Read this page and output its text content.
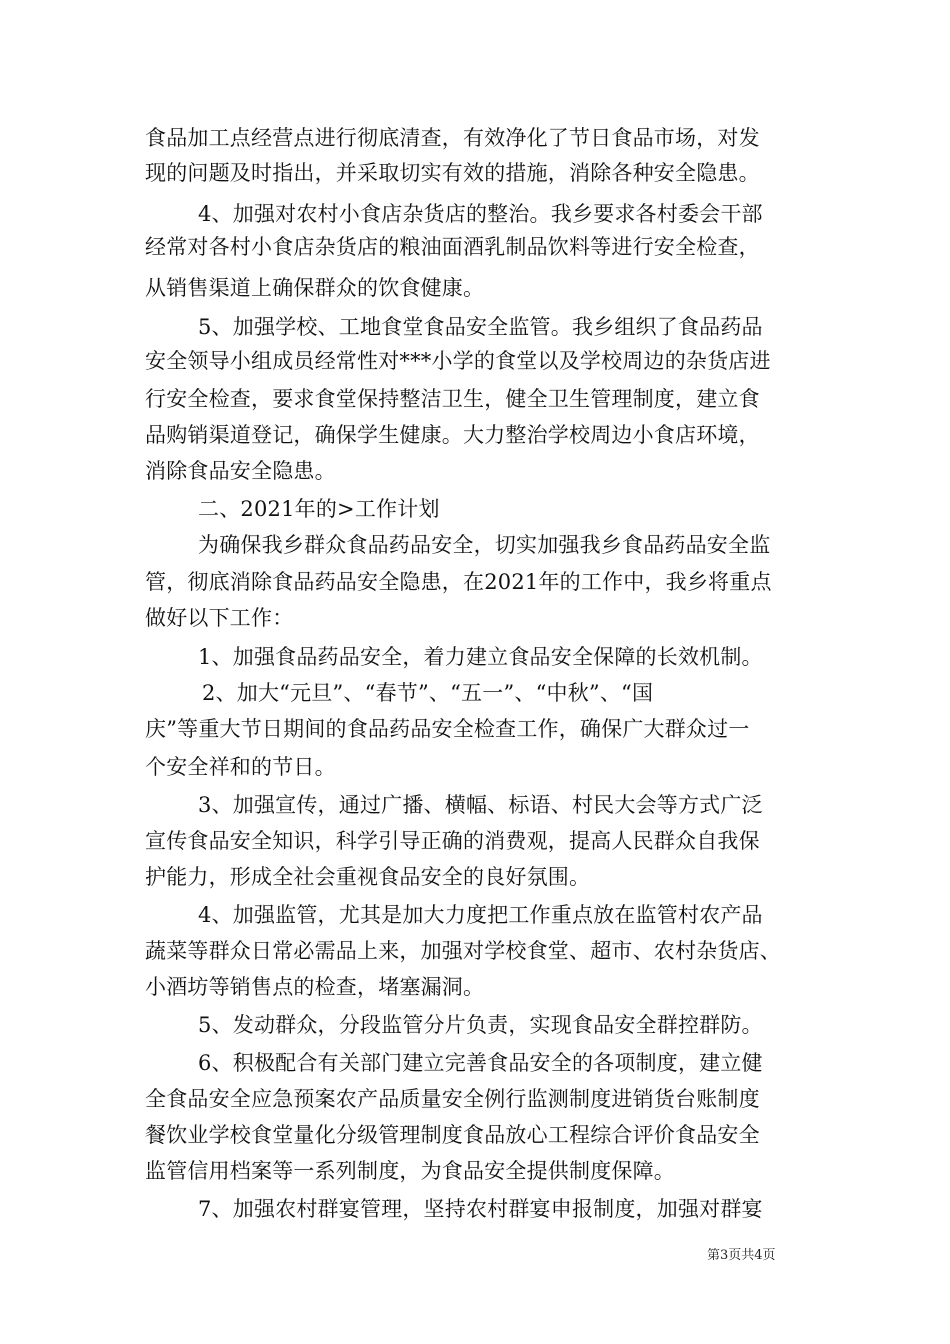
食品加工点经营点进行彻底清查，有效净化了节日食品市场，对发
现的问题及时指出，并采取切实有效的措施，消除各种安全隐患。
4、加强对农村小食店杂货店的整治。我乡要求各村委会干部
经常对各村小食店杂货店的粮油面酒乳制品饮料等进行安全检查，
从销售渠道上确保群众的饮食健康。
5、加强学校、工地食堂食品安全监管。我乡组织了食品药品
安全领导小组成员经常性对***小学的食堂以及学校周边的杂货店进
行安全检查，要求食堂保持整洁卫生，健全卫生管理制度，建立食
品购销渠道登记，确保学生健康。大力整治学校周边小食店环境，
消除食品安全隐患。
二、2021年的>工作计划
为确保我乡群众食品药品安全，切实加强我乡食品药品安全监
管，彻底消除食品药品安全隐患，在2021年的工作中，我乡将重点
做好以下工作：
1、加强食品药品安全，着力建立食品安全保障的长效机制。
2、加大“元旦”、“春节”、“五一”、“中秋”、“国
庆”等重大节日期间的食品药品安全检查工作，确保广大群众过一
个安全祥和的节日。
3、加强宣传，通过广播、横幅、标语、村民大会等方式广泛
宣传食品安全知识，科学引导正确的消费观，提高人民群众自我保
护能力，形成全社会重视食品安全的良好氛围。
4、加强监管，尤其是加大力度把工作重点放在监管村农产品
蔬菜等群众日常必需品上来，加强对学校食堂、超市、农村杂货店、
小酒坊等销售点的检查，堵塞漏洞。
5、发动群众，分段监管分片负责，实现食品安全群控群防。
6、积极配合有关部门建立完善食品安全的各项制度，建立健
全食品安全应急预案农产品质量安全例行监测制度进销货台账制度
餐饮业学校食堂量化分级管理制度食品放心工程综合评价食品安全
监管信用档案等一系列制度，为食品安全提供制度保障。
7、加强农村群宴管理，坚持农村群宴申报制度，加强对群宴
第3页共4页
